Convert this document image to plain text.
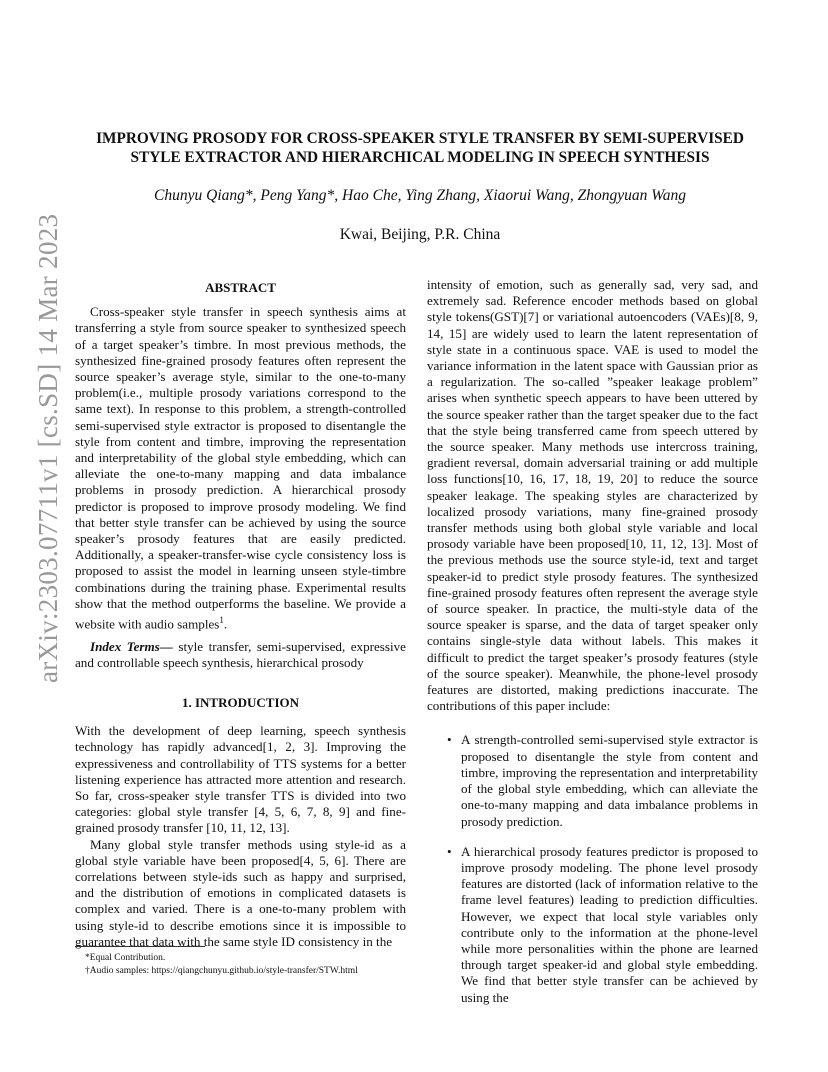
arXiv:2303.07711v1 [cs.SD] 14 Mar 2023
IMPROVING PROSODY FOR CROSS-SPEAKER STYLE TRANSFER BY SEMI-SUPERVISED
STYLE EXTRACTOR AND HIERARCHICAL MODELING IN SPEECH SYNTHESIS
Chunyu Qiang*, Peng Yang*, Hao Che, Ying Zhang, Xiaorui Wang, Zhongyuan Wang
Kwai, Beijing, P.R. China
ABSTRACT

Cross-speaker style transfer in speech synthesis aims at transferring a style from source speaker to synthesized speech of a target speaker’s timbre. In most previous methods, the synthesized fine-grained prosody features often represent the source speaker’s average style, similar to the one-to-many problem(i.e., multiple prosody variations correspond to the same text). In response to this problem, a strength-controlled semi-supervised style extractor is proposed to disentangle the style from content and timbre, improving the representation and interpretability of the global style embedding, which can alleviate the one-to-many mapping and data imbalance problems in prosody prediction. A hierarchical prosody predictor is proposed to improve prosody modeling. We find that better style transfer can be achieved by using the source speaker’s prosody features that are easily predicted. Additionally, a speaker-transfer-wise cycle consistency loss is proposed to assist the model in learning unseen style-timbre combinations during the training phase. Experimental results show that the method outperforms the baseline. We provide a website with audio samples$^1$.

Index Terms— style transfer, semi-supervised, expressive and controllable speech synthesis, hierarchical prosody

1. INTRODUCTION

With the development of deep learning, speech synthesis technology has rapidly advanced[1, 2, 3]. Improving the expressiveness and controllability of TTS systems for a better listening experience has attracted more attention and research. So far, cross-speaker style transfer TTS is divided into two categories: global style transfer [4, 5, 6, 7, 8, 9] and fine-grained prosody transfer [10, 11, 12, 13].

Many global style transfer methods using style-id as a global style variable have been proposed[4, 5, 6]. There are correlations between style-ids such as happy and surprised, and the distribution of emotions in complicated datasets is complex and varied. There is a one-to-many problem with using style-id to describe emotions since it is impossible to guarantee that data with the same style ID consistency in the

*Equal Contribution.
†Audio samples: https://qiangchunyu.github.io/style-transfer/STW.html

intensity of emotion, such as generally sad, very sad, and extremely sad. Reference encoder methods based on global style tokens(GST)[7] or variational autoencoders (VAEs)[8, 9, 14, 15] are widely used to learn the latent representation of style state in a continuous space. VAE is used to model the variance information in the latent space with Gaussian prior as a regularization. The so-called ”speaker leakage problem” arises when synthetic speech appears to have been uttered by the source speaker rather than the target speaker due to the fact that the style being transferred came from speech uttered by the source speaker. Many methods use intercross training, gradient reversal, domain adversarial training or add multiple loss functions[10, 16, 17, 18, 19, 20] to reduce the source speaker leakage. The speaking styles are characterized by localized prosody variations, many fine-grained prosody transfer methods using both global style variable and local prosody variable have been proposed[10, 11, 12, 13]. Most of the previous methods use the source style-id, text and target speaker-id to predict style prosody features. The synthesized fine-grained prosody features often represent the average style of source speaker. In practice, the multi-style data of the source speaker is sparse, and the data of target speaker only contains single-style data without labels. This makes it difficult to predict the target speaker’s prosody features (style of the source speaker). Meanwhile, the phone-level prosody features are distorted, making predictions inaccurate. The contributions of this paper include:

• A strength-controlled semi-supervised style extractor is proposed to disentangle the style from content and timbre, improving the representation and interpretability of the global style embedding, which can alleviate the one-to-many mapping and data imbalance problems in prosody prediction.
• A hierarchical prosody features predictor is proposed to improve prosody modeling. The phone level prosody features are distorted (lack of information relative to the frame level features) leading to prediction difficulties. However, we expect that local style variables only contribute only to the information at the phone-level while more personalities within the phone are learned through target speaker-id and global style embedding. We find that better style transfer can be achieved by using the
